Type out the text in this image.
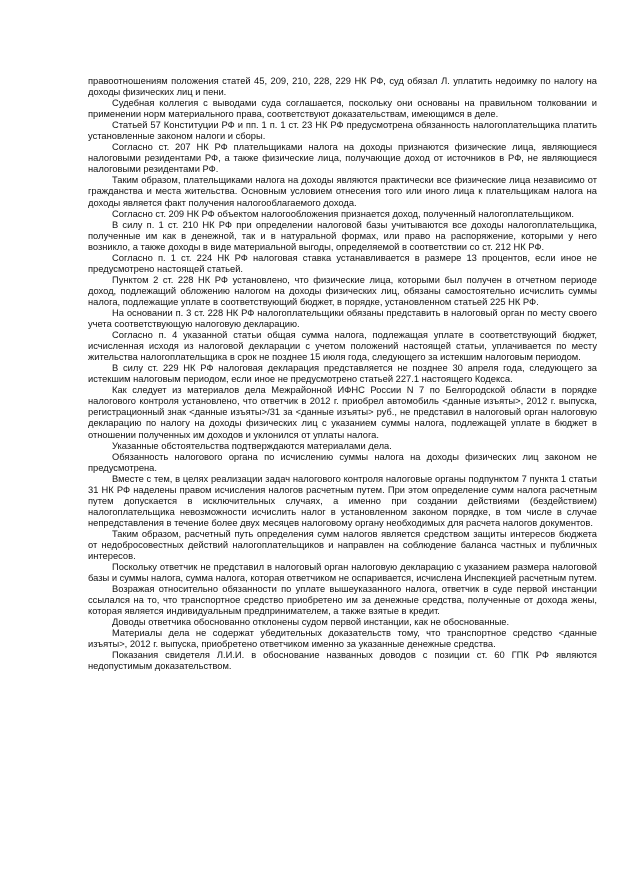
правоотношениям положения статей 45, 209, 210, 228, 229 НК РФ, суд обязал Л. уплатить недоимку по налогу на доходы физических лиц и пени.

Судебная коллегия с выводами суда соглашается, поскольку они основаны на правильном толковании и применении норм материального права, соответствуют доказательствам, имеющимся в деле.

Статьей 57 Конституции РФ и пп. 1 п. 1 ст. 23 НК РФ предусмотрена обязанность налогоплательщика платить установленные законом налоги и сборы.

Согласно ст. 207 НК РФ плательщиками налога на доходы признаются физические лица, являющиеся налоговыми резидентами РФ, а также физические лица, получающие доход от источников в РФ, не являющиеся налоговыми резидентами РФ.

Таким образом, плательщиками налога на доходы являются практически все физические лица независимо от гражданства и места жительства. Основным условием отнесения того или иного лица к плательщикам налога на доходы является факт получения налогооблагаемого дохода.

Согласно ст. 209 НК РФ объектом налогообложения признается доход, полученный налогоплательщиком.

В силу п. 1 ст. 210 НК РФ при определении налоговой базы учитываются все доходы налогоплательщика, полученные им как в денежной, так и в натуральной формах, или право на распоряжение, которыми у него возникло, а также доходы в виде материальной выгоды, определяемой в соответствии со ст. 212 НК РФ.

Согласно п. 1 ст. 224 НК РФ налоговая ставка устанавливается в размере 13 процентов, если иное не предусмотрено настоящей статьей.

Пунктом 2 ст. 228 НК РФ установлено, что физические лица, которыми был получен в отчетном периоде доход, подлежащий обложению налогом на доходы физических лиц, обязаны самостоятельно исчислить суммы налога, подлежащие уплате в соответствующий бюджет, в порядке, установленном статьей 225 НК РФ.

На основании п. 3 ст. 228 НК РФ налогоплательщики обязаны представить в налоговый орган по месту своего учета соответствующую налоговую декларацию.

Согласно п. 4 указанной статьи общая сумма налога, подлежащая уплате в соответствующий бюджет, исчисленная исходя из налоговой декларации с учетом положений настоящей статьи, уплачивается по месту жительства налогоплательщика в срок не позднее 15 июля года, следующего за истекшим налоговым периодом.

В силу ст. 229 НК РФ налоговая декларация представляется не позднее 30 апреля года, следующего за истекшим налоговым периодом, если иное не предусмотрено статьей 227.1 настоящего Кодекса.

Как следует из материалов дела Межрайонной ИФНС России N 7 по Белгородской области в порядке налогового контроля установлено, что ответчик в 2012 г. приобрел автомобиль <данные изъяты>, 2012 г. выпуска, регистрационный знак <данные изъяты>/31 за <данные изъяты> руб., не представил в налоговый орган налоговую декларацию по налогу на доходы физических лиц с указанием суммы налога, подлежащей уплате в бюджет в отношении полученных им доходов и уклонился от уплаты налога.

Указанные обстоятельства подтверждаются материалами дела.

Обязанность налогового органа по исчислению суммы налога на доходы физических лиц законом не предусмотрена.

Вместе с тем, в целях реализации задач налогового контроля налоговые органы подпунктом 7 пункта 1 статьи 31 НК РФ наделены правом исчисления налогов расчетным путем. При этом определение сумм налога расчетным путем допускается в исключительных случаях, а именно при создании действиями (бездействием) налогоплательщика невозможности исчислить налог в установленном законом порядке, в том числе в случае непредставления в течение более двух месяцев налоговому органу необходимых для расчета налогов документов.

Таким образом, расчетный путь определения сумм налогов является средством защиты интересов бюджета от недобросовестных действий налогоплательщиков и направлен на соблюдение баланса частных и публичных интересов.

Поскольку ответчик не представил в налоговый орган налоговую декларацию с указанием размера налоговой базы и суммы налога, сумма налога, которая ответчиком не оспаривается, исчислена Инспекцией расчетным путем.

Возражая относительно обязанности по уплате вышеуказанного налога, ответчик в суде первой инстанции ссылался на то, что транспортное средство приобретено им за денежные средства, полученные от дохода жены, которая является индивидуальным предпринимателем, а также взятые в кредит.

Доводы ответчика обоснованно отклонены судом первой инстанции, как не обоснованные.

Материалы дела не содержат убедительных доказательств тому, что транспортное средство <данные изъяты>, 2012 г. выпуска, приобретено ответчиком именно за указанные денежные средства.

Показания свидетеля Л.И.И. в обоснование названных доводов с позиции ст. 60 ГПК РФ являются недопустимым доказательством.
